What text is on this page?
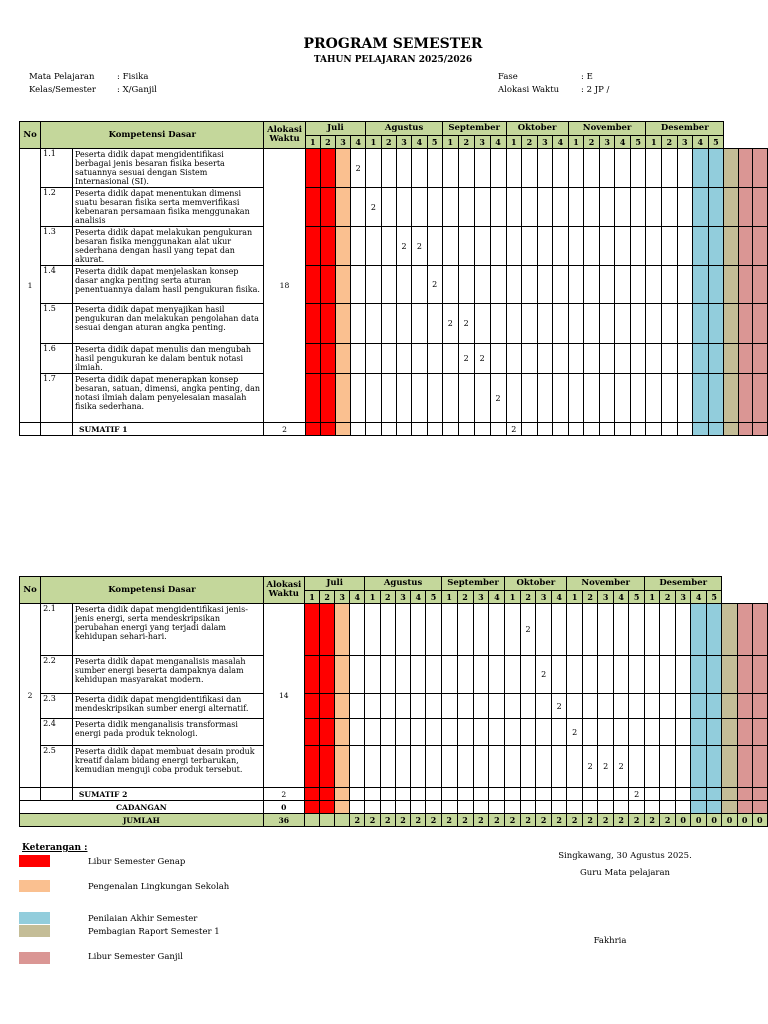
PROGRAM SEMESTER
TAHUN PELAJARAN 2025/2026
Mata Pelajaran	: Fisika
Kelas/Semester : X/Ganjil
Fase	: E
Alokasi Waktu	: 2 JP /
No	Kompetensi Dasar		Alokasi
Waktu	Juli				Agustus					September				Oktober				November					Desember							
				1	2	3	4	1	2	3	4	5	1	2	3	4	1	2	3	4	1	2	3	4	5	1	2	3	4	5			
1	1.1	Peserta didik dapat mengidentifikasi berbagai jenis besaran fisika beserta satuannya sesuai dengan Sistem Internasional (SI).	18				2																										
	1.2	Peserta didik dapat menentukan dimensi suatu besaran fisika serta memverifikasi kebenaran persamaan fisika menggunakan analisis						2																									
	1.3	Peserta didik dapat melakukan pengukuran besaran fisika menggunakan alat ukur sederhana dengan hasil yang tepat dan akurat.								2	2																						
	1.4	Peserta didik dapat menjelaskan konsep dasar angka penting serta aturan penentuannya dalam hasil pengukuran fisika.										2																					
	1.5	Peserta didik dapat menyajikan hasil pengukuran dan melakukan pengolahan data sesuai dengan aturan angka penting.											2	2																			
	1.6	Peserta didik dapat menulis dan mengubah hasil pengukuran ke dalam bentuk notasi ilmiah.												2	2																		
	1.7	Peserta didik dapat menerapkan konsep besaran, satuan, dimensi, angka penting, dan notasi ilmiah dalam penyelesaian masalah fisika sederhana.														2																	
		SUMATIF 1	2														2																
No	Kompetensi Dasar		Alokasi
Waktu	Juli				Agustus					September				Oktober				November					Desember							
				1	2	3	4	1	2	3	4	5	1	2	3	4	1	2	3	4	1	2	3	4	5	1	2	3	4	5			
2	2.1	Peserta didik dapat mengidentifikasi jenis-jenis energi, serta mendeskripsikan perubahan energi yang terjadi dalam kehidupan sehari-hari.	14															2															
	2.2	Peserta didik dapat menganalisis masalah sumber energi beserta dampaknya dalam kehidupan masyarakat modern.																	2														
	2.3	Peserta didik dapat mengidentifikasi dan mendeskripsikan sumber energi alternatif.																		2													
	2.4	Peserta didik menganalisis transformasi energi pada produk teknologi.																			2												
	2.5	Peserta didik dapat membuat desain produk kreatif dalam bidang energi terbarukan, kemudian menguji coba produk tersebut.																				2	2	2									
		SUMATIF 2	2																						2								
CADANGAN			0																														
JUMLAH			36				2	2	2	2	2	2	2	2	2	2	2	2	2	2	2	2	2	2	2	2	2	0	0	0	0	0	0
Keterangan :
Libur Semester Genap
Pengenalan Lingkungan Sekolah
Penilaian Akhir Semester
Pembagian Raport Semester 1
Libur Semester Ganjil
Singkawang, 30 Agustus 2025.
Guru Mata pelajaran
Fakhria
